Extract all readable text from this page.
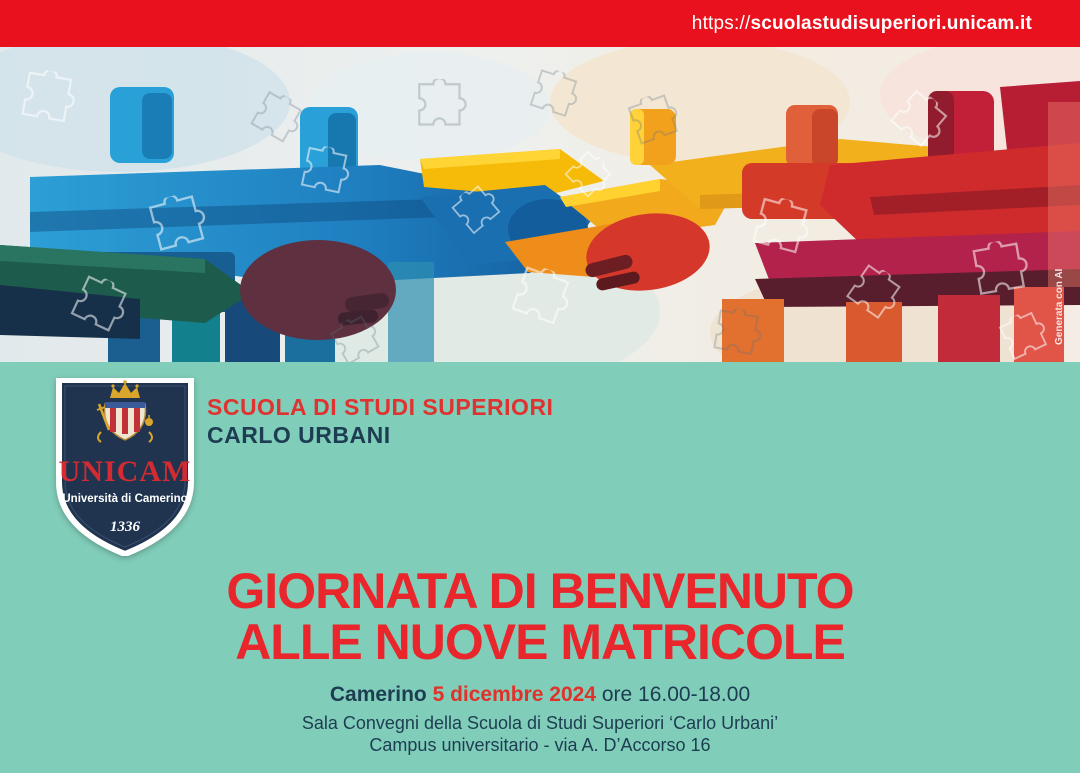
https://scuolastudisuperiori.unicam.it
Generata con AI
UNICAM
Università di Camerino
1336
SCUOLA DI STUDI SUPERIORI
CARLO URBANI
GIORNATA DI BENVENUTO
ALLE NUOVE MATRICOLE

Camerino 5 dicembre 2024 ore 16.00-18.00

Sala Convegni della Scuola di Studi Superiori ‘Carlo Urbani’

Campus universitario - via A. D’Accorso 16
